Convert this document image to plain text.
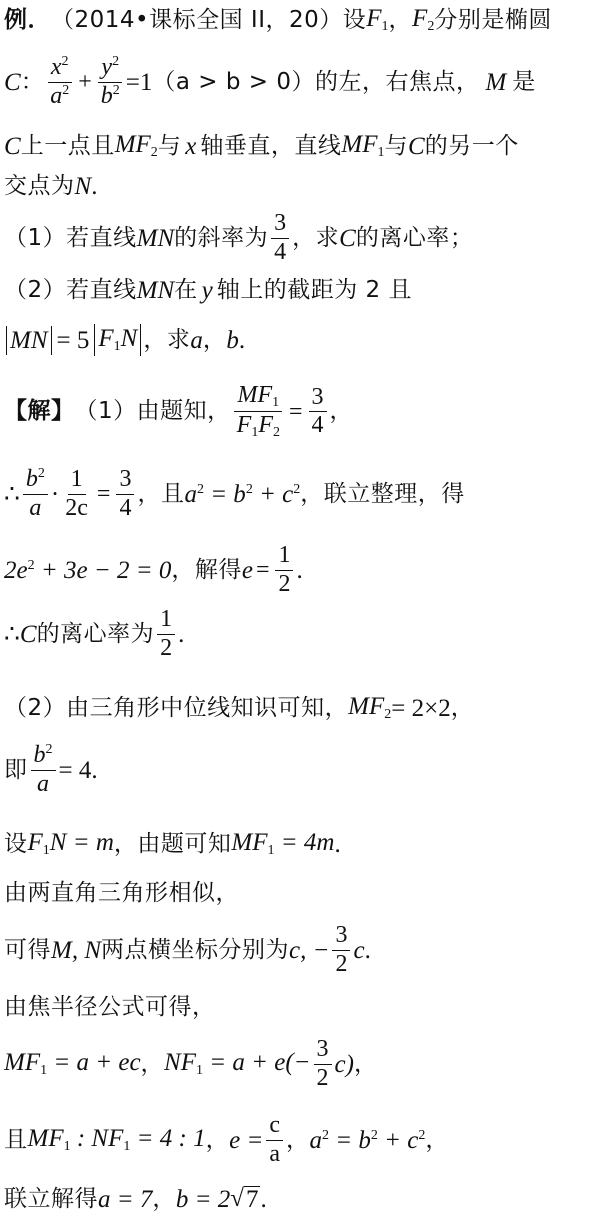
例． （2014•课标全国 II，20）设 $F_1$ ， $F_2$ 分别是椭圆
C ： $\frac{x^2}{a^2} + \frac{y^2}{b^2} =1$ （a > b > 0） 的左，右焦点， M 是
C 上一点且 $MF_2$ 与 x 轴垂直，直线 $MF_1$ 与 C 的另一个
交点为 N .
（1）若直线 MN 的斜率为 $\frac{3}{4}$ ，求 C 的离心率；
（2）若直线 MN 在 y 轴上的截距为 2 且
MN = 5 $F_1N$ ，求 a ， b .
【解】 （1）由题知， $\frac{MF_1}{F_1F_2} = \frac{3}{4}$ ，
∴ $\frac{b^2}{a} \cdot \frac{1}{2c} = \frac{3}{4}$ ，且 $a^2 = b^2 + c^2$ ，联立整理，得
$2e^2 + 3e - 2 = 0$ ，解得 $e = \frac{1}{2}$ .
∴ C 的离心率为 $\frac{1}{2}$ .
（2）由三角形中位线知识可知， $MF_2 = 2\times 2$ ，
即 $\frac{b^2}{a} = 4$ .
设 $F_1N = m$ ，由题可知 $MF_1 = 4m$ .
由两直角三角形相似，
可得 M, N 两点横坐标分别为 c, − $\frac{3}{2}$ c .
由焦半径公式可得，
$MF_1 = a$ + ec ， $NF_1 = a + e(- \frac{3}{2} c)$ ，
且 $MF_1$ : $NF_1 = 4$ : 1 ， $e = \frac{c}{a}$ ， $a^2 = b^2 + c^2$ ，
联立解得 a = 7 ， b = 2 √ 7 .
